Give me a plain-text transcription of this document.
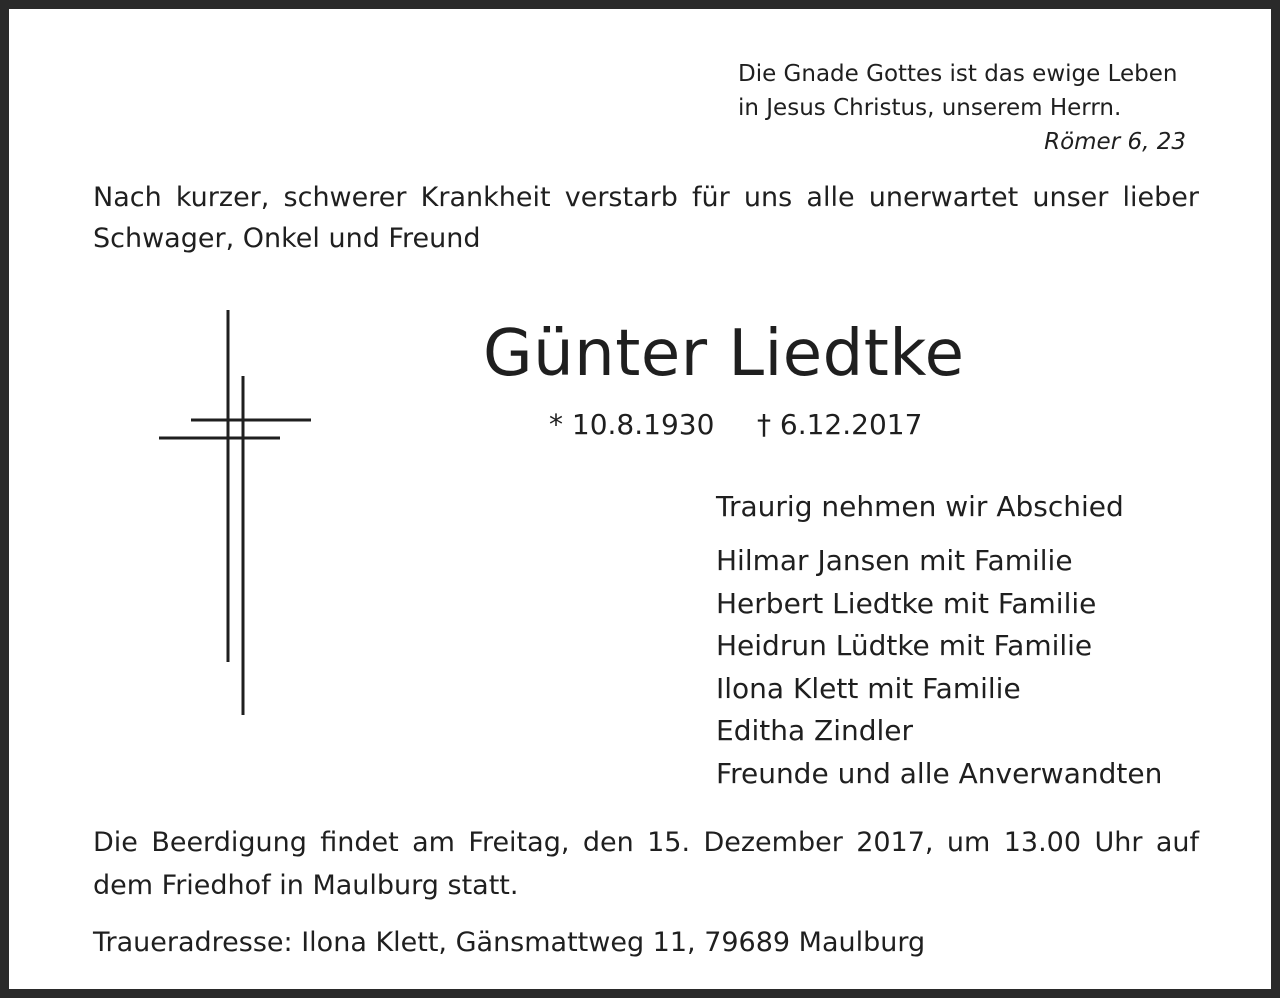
Die Gnade Gottes ist das ewige Leben
in Jesus Christus, unserem Herrn.
Römer 6, 23
Nach kurzer, schwerer Krankheit verstarb für uns alle unerwartet unser lieber Schwager, Onkel und Freund
Günter Liedtke
* 10.8.1930 † 6.12.2017
Traurig nehmen wir Abschied
Hilmar Jansen mit Familie
Herbert Liedtke mit Familie
Heidrun Lüdtke mit Familie
Ilona Klett mit Familie
Editha Zindler
Freunde und alle Anverwandten
Die Beerdigung findet am Freitag, den 15. Dezember 2017, um 13.00 Uhr auf dem Friedhof in Maulburg statt.
Traueradresse: Ilona Klett, Gänsmattweg 11, 79689 Maulburg
